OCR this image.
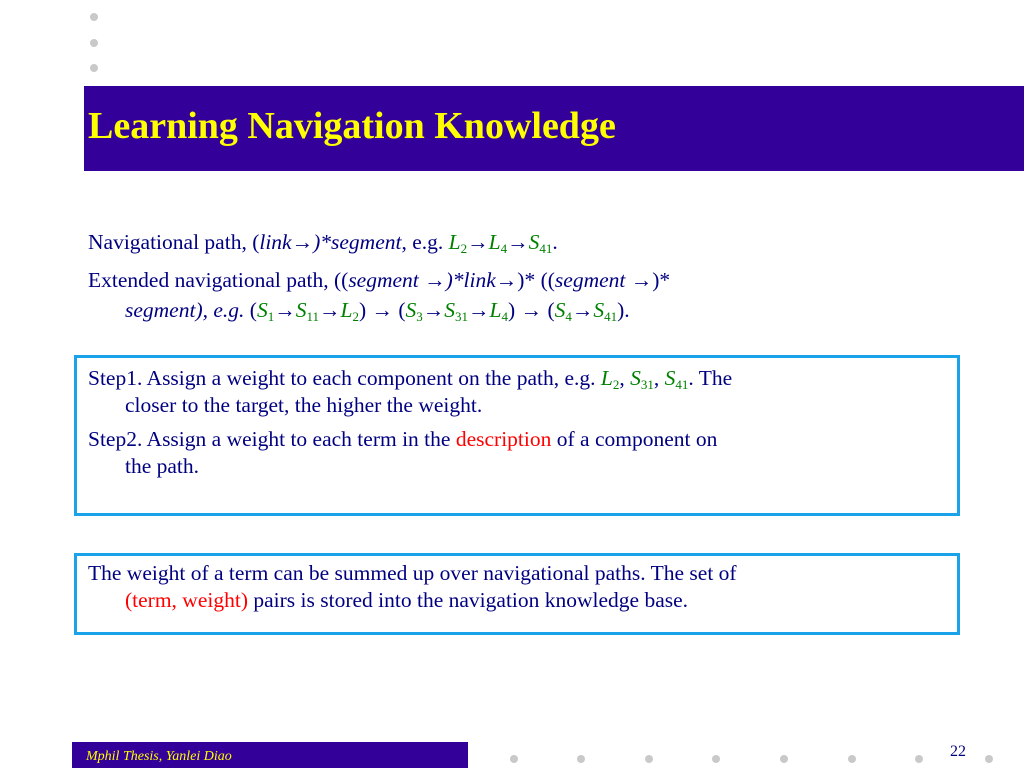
Learning Navigation Knowledge

Navigational path, (link→)*segment, e.g. $L_2\to L_4\to S_{41}$.

Extended navigational path, ((segment →)*link→)* ((segment →)*

segment), e.g. $(S_1\to S_{11}\to L_2) \to (S_3\to S_{31}\to L_4) \to (S_4\to S_{41})$.

Step1. Assign a weight to each component on the path, e.g. $L_2$, $S_{31}$, $S_{41}$. The

closer to the target, the higher the weight.

Step2. Assign a weight to each term in the description of a component on

the path.

The weight of a term can be summed up over navigational paths. The set of

(term, weight) pairs is stored into the navigation knowledge base.

Mphil Thesis, Yanlei Diao	22
